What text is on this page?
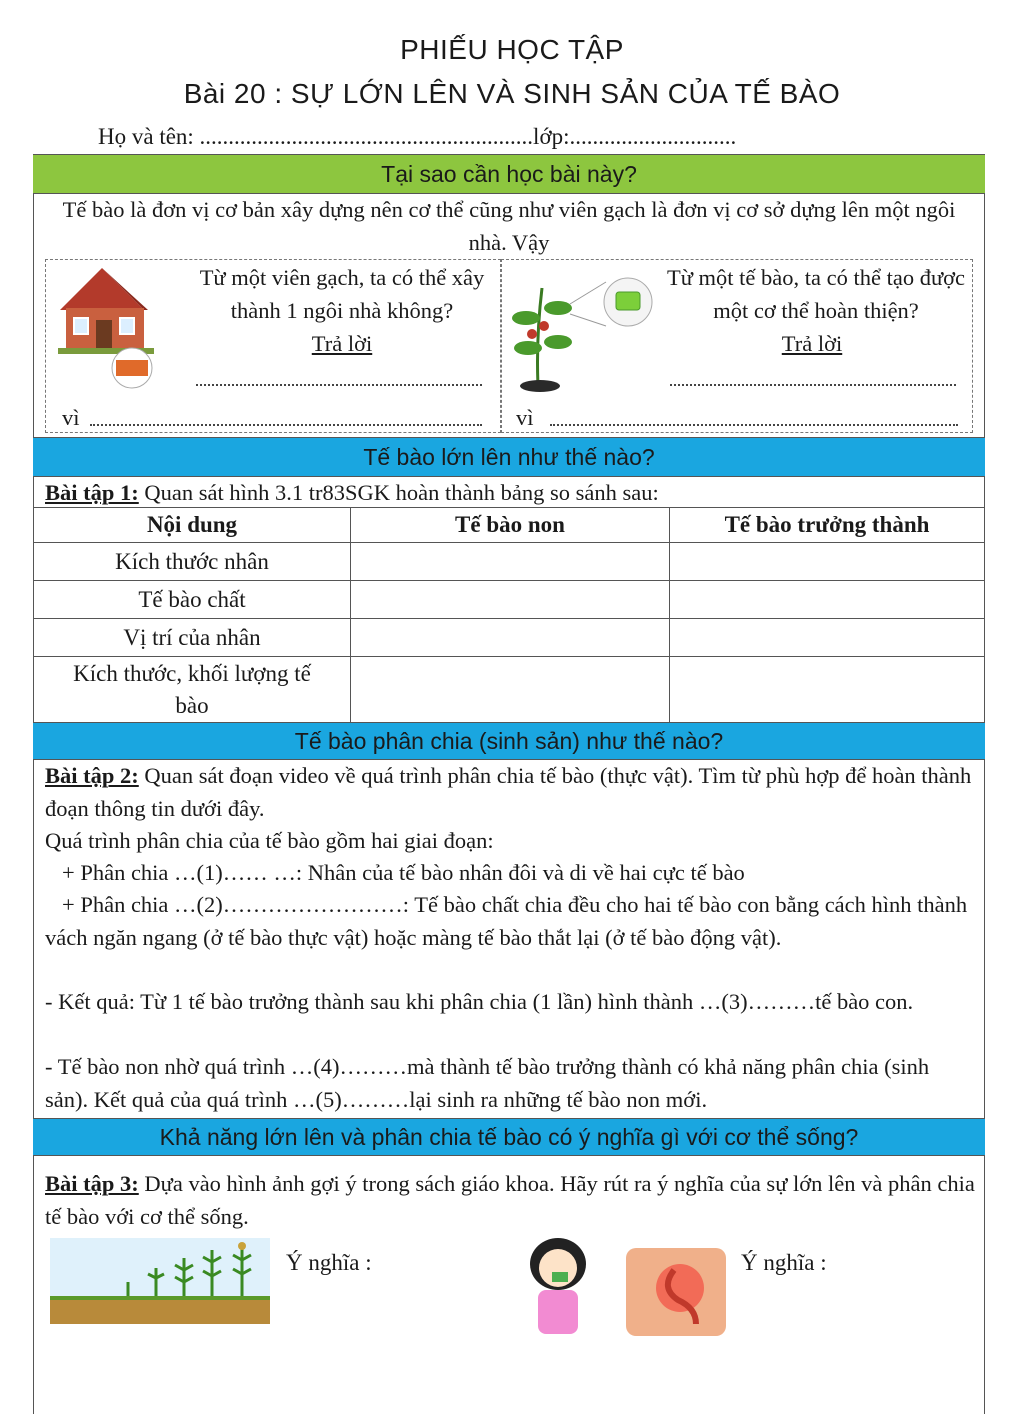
PHIẾU HỌC TẬP
Bài 20 : SỰ LỚN LÊN VÀ SINH SẢN CỦA TẾ BÀO
Họ và tên: ..........................................................lớp:.............................
Tại sao cần học bài này?
Tế bào là đơn vị cơ bản xây dựng nên cơ thể cũng như viên gạch là đơn vị cơ sở dựng lên một ngôi nhà. Vậy
Từ một viên gạch, ta có thể xây thành 1 ngôi nhà không?
Trả lời
vì
Từ một tế bào, ta có thể tạo được một cơ thể hoàn thiện?
Trả lời
vì
Tế bào lớn lên như thế nào?
Bài tập 1: Quan sát hình 3.1 tr83SGK hoàn thành bảng so sánh sau:
Nội dung	Tế bào non	Tế bào trưởng thành
Kích thước nhân		
Tế bào chất		
Vị trí của nhân		
Kích thước, khối lượng tế bào		
Tế bào phân chia (sinh sản) như thế nào?
Bài tập 2: Quan sát đoạn video về quá trình phân chia tế bào (thực vật). Tìm từ phù hợp để hoàn thành đoạn thông tin dưới đây.
Quá trình phân chia của tế bào gồm hai giai đoạn:
+ Phân chia …(1)…… …: Nhân của tế bào nhân đôi và di về hai cực tế bào
+ Phân chia …(2)……………………: Tế bào chất chia đều cho hai tế bào con bằng cách hình thành vách ngăn ngang (ở tế bào thực vật) hoặc màng tế bào thắt lại (ở tế bào động vật).
- Kết quả: Từ 1 tế bào trưởng thành sau khi phân chia (1 lần) hình thành …(3)………tế bào con.
- Tế bào non nhờ quá trình …(4)………mà thành tế bào trưởng thành có khả năng phân chia (sinh sản). Kết quả của quá trình …(5)………lại sinh ra những tế bào non mới.
Khả năng lớn lên và phân chia tế bào có ý nghĩa gì với cơ thể sống?
Bài tập 3: Dựa vào hình ảnh gợi ý trong sách giáo khoa. Hãy rút ra ý nghĩa của sự lớn lên và phân chia tế bào với cơ thể sống.
Ý nghĩa :	Ý nghĩa :
